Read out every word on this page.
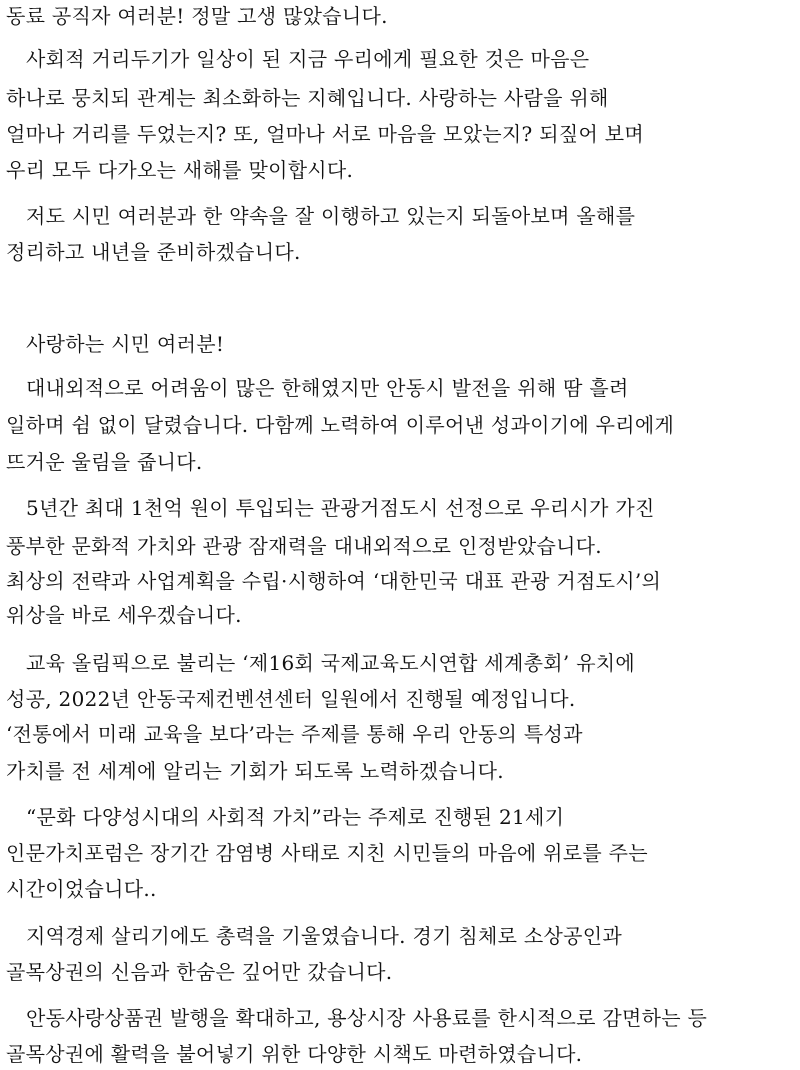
동료 공직자 여러분! 정말 고생 많았습니다.
사회적 거리두기가 일상이 된 지금 우리에게 필요한 것은 마음은
하나로 뭉치되 관계는 최소화하는 지혜입니다. 사랑하는 사람을 위해
얼마나 거리를 두었는지? 또, 얼마나 서로 마음을 모았는지? 되짚어 보며
우리 모두 다가오는 새해를 맞이합시다.
저도 시민 여러분과 한 약속을 잘 이행하고 있는지 되돌아보며 올해를
정리하고 내년을 준비하겠습니다.
사랑하는 시민 여러분!
대내외적으로 어려움이 많은 한해였지만 안동시 발전을 위해 땀 흘려
일하며 쉼 없이 달렸습니다. 다함께 노력하여 이루어낸 성과이기에 우리에게
뜨거운 울림을 줍니다.
5년간 최대 1천억 원이 투입되는 관광거점도시 선정으로 우리시가 가진
풍부한 문화적 가치와 관광 잠재력을 대내외적으로 인정받았습니다.
최상의 전략과 사업계획을 수립·시행하여 ‘대한민국 대표 관광 거점도시’의
위상을 바로 세우겠습니다.
교육 올림픽으로 불리는 ‘제16회 국제교육도시연합 세계총회’ 유치에
성공, 2022년 안동국제컨벤션센터 일원에서 진행될 예정입니다.
‘전통에서 미래 교육을 보다’라는 주제를 통해 우리 안동의 특성과
가치를 전 세계에 알리는 기회가 되도록 노력하겠습니다.
“문화 다양성시대의 사회적 가치”라는 주제로 진행된 21세기
인문가치포럼은 장기간 감염병 사태로 지친 시민들의 마음에 위로를 주는
시간이었습니다..
지역경제 살리기에도 총력을 기울였습니다. 경기 침체로 소상공인과
골목상권의 신음과 한숨은 깊어만 갔습니다.
안동사랑상품권 발행을 확대하고, 용상시장 사용료를 한시적으로 감면하는 등
골목상권에 활력을 불어넣기 위한 다양한 시책도 마련하였습니다.
